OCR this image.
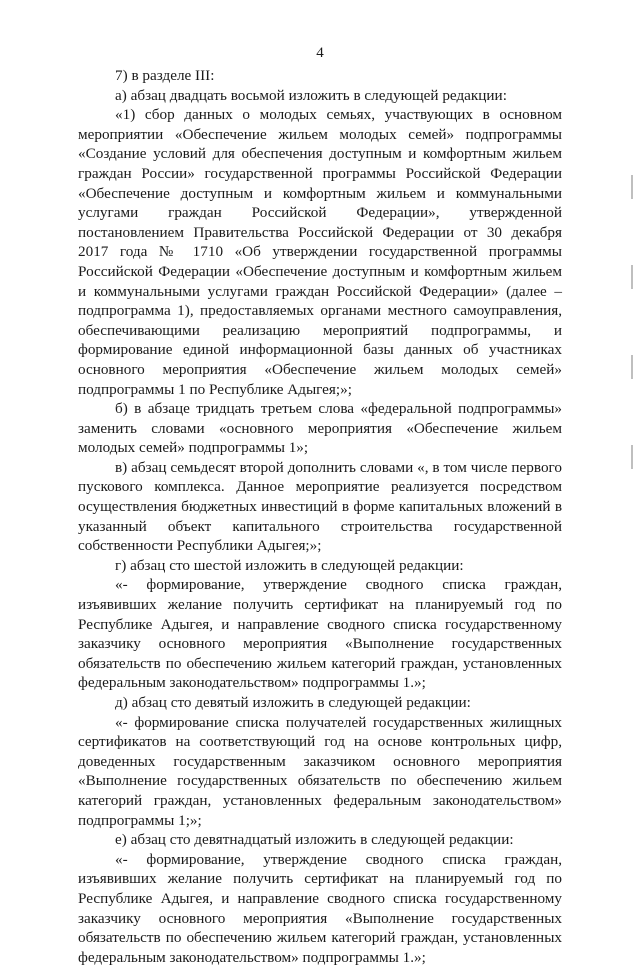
4

7) в разделе III:

а) абзац двадцать восьмой изложить в следующей редакции:

«1) сбор данных о молодых семьях, участвующих в основном мероприятии «Обеспечение жильем молодых семей» подпрограммы «Создание условий для обеспечения доступным и комфортным жильем граждан России» государственной программы Российской Федерации «Обеспечение доступным и комфортным жильем и коммунальными услугами граждан Российской Федерации», утвержденной постановлением Правительства Российской Федерации от 30 декабря 2017 года № 1710 «Об утверждении государственной программы Российской Федерации «Обеспечение доступным и комфортным жильем и коммунальными услугами граждан Российской Федерации» (далее – подпрограмма 1), предоставляемых органами местного самоуправления, обеспечивающими реализацию мероприятий подпрограммы, и формирование единой информационной базы данных об участниках основного мероприятия «Обеспечение жильем молодых семей» подпрограммы 1 по Республике Адыгея;»;

б) в абзаце тридцать третьем слова «федеральной подпрограммы» заменить словами «основного мероприятия «Обеспечение жильем молодых семей» подпрограммы 1»;

в) абзац семьдесят второй дополнить словами «, в том числе первого пускового комплекса. Данное мероприятие реализуется посредством осуществления бюджетных инвестиций в форме капитальных вложений в указанный объект капитального строительства государственной собственности Республики Адыгея;»;

г) абзац сто шестой изложить в следующей редакции:

«- формирование, утверждение сводного списка граждан, изъявивших желание получить сертификат на планируемый год по Республике Адыгея, и направление сводного списка государственному заказчику основного мероприятия «Выполнение государственных обязательств по обеспечению жильем категорий граждан, установленных федеральным законодательством» подпрограммы 1.»;

д) абзац сто девятый изложить в следующей редакции:

«- формирование списка получателей государственных жилищных сертификатов на соответствующий год на основе контрольных цифр, доведенных государственным заказчиком основного мероприятия «Выполнение государственных обязательств по обеспечению жильем категорий граждан, установленных федеральным законодательством» подпрограммы 1;»;

е) абзац сто девятнадцатый изложить в следующей редакции:

«- формирование, утверждение сводного списка граждан, изъявивших желание получить сертификат на планируемый год по Республике Адыгея, и направление сводного списка государственному заказчику основного мероприятия «Выполнение государственных обязательств по обеспечению жильем категорий граждан, установленных федеральным законодательством» подпрограммы 1.»;
